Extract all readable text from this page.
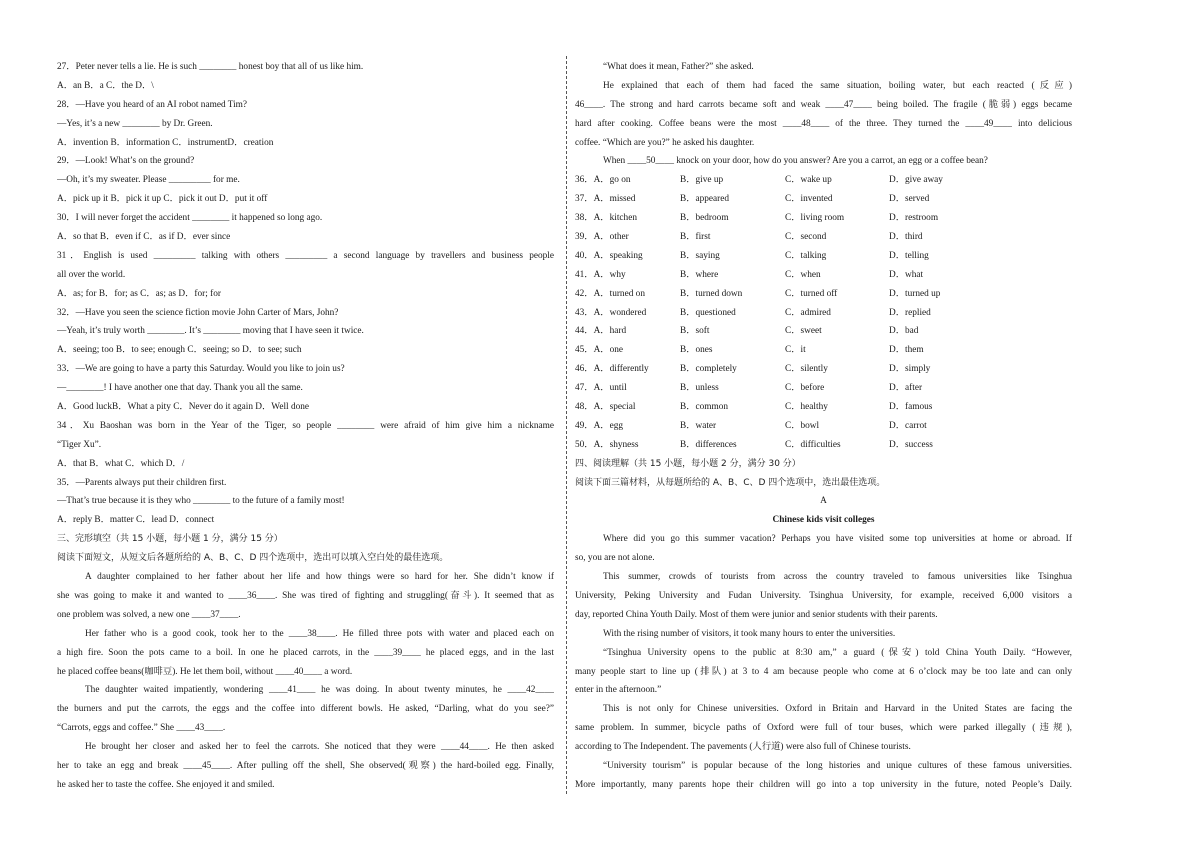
27．Peter never tells a lie. He is such ________ honest boy that all of us like him.
A．an B．a C．the D．\
28．—Have you heard of an AI robot named Tim?
—Yes, it’s a new ________ by Dr. Green.
A．invention B．information C．instrumentD．creation
29．—Look! What’s on the ground?
—Oh, it’s my sweater. Please _________ for me.
A．pick up it B．pick it up C．pick it out D．put it off
30．I will never forget the accident ________ it happened so long ago.
A．so that B．even if C．as if D．ever since
31．English is used _________ talking with others _________ a second language by travellers and business people
all over the world.
A．as; for B．for; as C．as; as D．for; for
32．—Have you seen the science fiction movie John Carter of Mars, John?
—Yeah, it’s truly worth ________. It’s ________ moving that I have seen it twice.
A．seeing; too B．to see; enough C．seeing; so D．to see; such
33．—We are going to have a party this Saturday. Would you like to join us?
—________! I have another one that day. Thank you all the same.
A．Good luckB．What a pity C．Never do it again D．Well done
34．Xu Baoshan was born in the Year of the Tiger, so people ________ were afraid of him give him a nickname
“Tiger Xu”.
A．that B．what C．which D．/
35．—Parents always put their children first.
—That’s true because it is they who ________ to the future of a family most!
A．reply B．matter C．lead D．connect
三、完形填空（共 15 小题，每小题 1 分，满分 15 分）
阅读下面短文，从短文后各题所给的 A、B、C、D 四个选项中，选出可以填入空白处的最佳选项。
A daughter complained to her father about her life and how things were so hard for her. She didn’t know if
she was going to make it and wanted to ____36____. She was tired of fighting and struggling(奋斗). It seemed that as
one problem was solved, a new one ____37____.
Her father who is a good cook, took her to the ____38____. He filled three pots with water and placed each on
a high fire. Soon the pots came to a boil. In one he placed carrots, in the ____39____ he placed eggs, and in the last
he placed coffee beans(咖啡豆). He let them boil, without ____40____ a word.
The daughter waited impatiently, wondering ____41____ he was doing. In about twenty minutes, he ____42____
the burners and put the carrots, the eggs and the coffee into different bowls. He asked, “Darling, what do you see?”
“Carrots, eggs and coffee.” She ____43____.
He brought her closer and asked her to feel the carrots. She noticed that they were ____44____. He then asked
her to take an egg and break ____45____. After pulling off the shell, She observed(观察) the hard-boiled egg. Finally,
he asked her to taste the coffee. She enjoyed it and smiled.
“What does it mean, Father?” she asked.
He explained that each of them had faced the same situation, boiling water, but each reacted (反应)
46____. The strong and hard carrots became soft and weak ____47____ being boiled. The fragile (脆弱) eggs became
hard after cooking. Coffee beans were the most ____48____ of the three. They turned the ____49____ into delicious
coffee. “Which are you?” he asked his daughter.
When ____50____ knock on your door, how do you answer? Are you a carrot, an egg or a coffee bean?
36．A．go on	B．give up	C．wake up	D．give away
37．A．missed	B．appeared	C．invented	D．served
38．A．kitchen	B．bedroom	C．living room	D．restroom
39．A．other	B．first	C．second	D．third
40．A．speaking	B．saying	C．talking	D．telling
41．A．why	B．where	C．when	D．what
42．A．turned on	B．turned down	C．turned off	D．turned up
43．A．wondered	B．questioned	C．admired	D．replied
44．A．hard	B．soft	C．sweet	D．bad
45．A．one	B．ones	C．it	D．them
46．A．differently	B．completely	C．silently	D．simply
47．A．until	B．unless	C．before	D．after
48．A．special	B．common	C．healthy	D．famous
49．A．egg	B．water	C．bowl	D．carrot
50．A．shyness	B．differences	C．difficulties	D．success
四、阅读理解（共 15 小题，每小题 2 分，满分 30 分）
阅读下面三篇材料，从每题所给的 A、B、C、D 四个选项中，选出最佳选项。
A
Chinese kids visit colleges
Where did you go this summer vacation? Perhaps you have visited some top universities at home or abroad. If
so, you are not alone.
This summer, crowds of tourists from across the country traveled to famous universities like Tsinghua
University, Peking University and Fudan University. Tsinghua University, for example, received 6,000 visitors a
day, reported China Youth Daily. Most of them were junior and senior students with their parents.
With the rising number of visitors, it took many hours to enter the universities.
“Tsinghua University opens to the public at 8:30 am,” a guard (保安) told China Youth Daily. “However,
many people start to line up (排队) at 3 to 4 am because people who come at 6 o’clock may be too late and can only
enter in the afternoon.”
This is not only for Chinese universities. Oxford in Britain and Harvard in the United States are facing the
same problem. In summer, bicycle paths of Oxford were full of tour buses, which were parked illegally (违规),
according to The Independent. The pavements (人行道) were also full of Chinese tourists.
“University tourism” is popular because of the long histories and unique cultures of these famous universities.
More importantly, many parents hope their children will go into a top university in the future, noted People’s Daily.
